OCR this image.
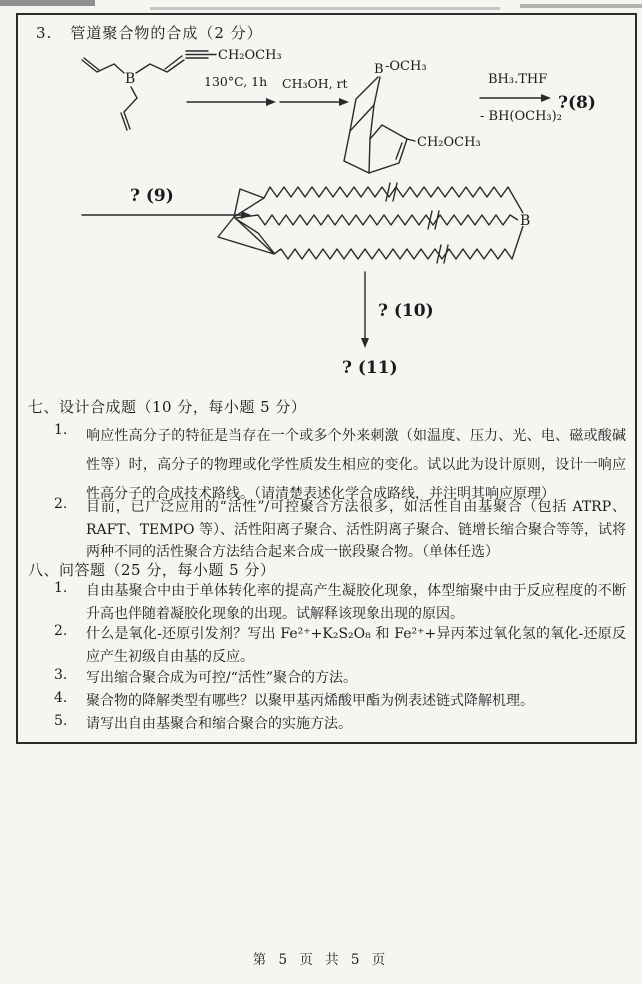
3. 管道聚合物的合成（2 分）
B
CH₂OCH₃
130°C, 1h CH₃OH, rt
B -OCH₃
CH₂OCH₃
BH₃.THF
- BH(OCH₃)₂
?(8)
? (9)
B
? (10)
? (11)
七、设计合成题（10 分，每小题 5 分）
1. 响应性高分子的特征是当存在一个或多个外来刺激（如温度、压力、光、电、磁或酸碱性等）时，高分子的物理或化学性质发生相应的变化。试以此为设计原则，设计一响应性高分子的合成技术路线。（请清楚表述化学合成路线，并注明其响应原理）
2. 目前，已广泛应用的“活性”/可控聚合方法很多，如活性自由基聚合（包括 ATRP、RAFT、TEMPO 等）、活性阳离子聚合、活性阴离子聚合、链增长缩合聚合等等，试将两种不同的活性聚合方法结合起来合成一嵌段聚合物。（单体任选）
八、问答题（25 分，每小题 5 分）
1. 自由基聚合中由于单体转化率的提高产生凝胶化现象，体型缩聚中由于反应程度的不断升高也伴随着凝胶化现象的出现。试解释该现象出现的原因。
2. 什么是氧化-还原引发剂？写出 Fe²⁺+K₂S₂O₈ 和 Fe²⁺+异丙苯过氧化氢的氧化-还原反应产生初级自由基的反应。
3. 写出缩合聚合成为可控/“活性”聚合的方法。
4. 聚合物的降解类型有哪些？以聚甲基丙烯酸甲酯为例表述链式降解机理。
5. 请写出自由基聚合和缩合聚合的实施方法。
第 5 页 共 5 页
